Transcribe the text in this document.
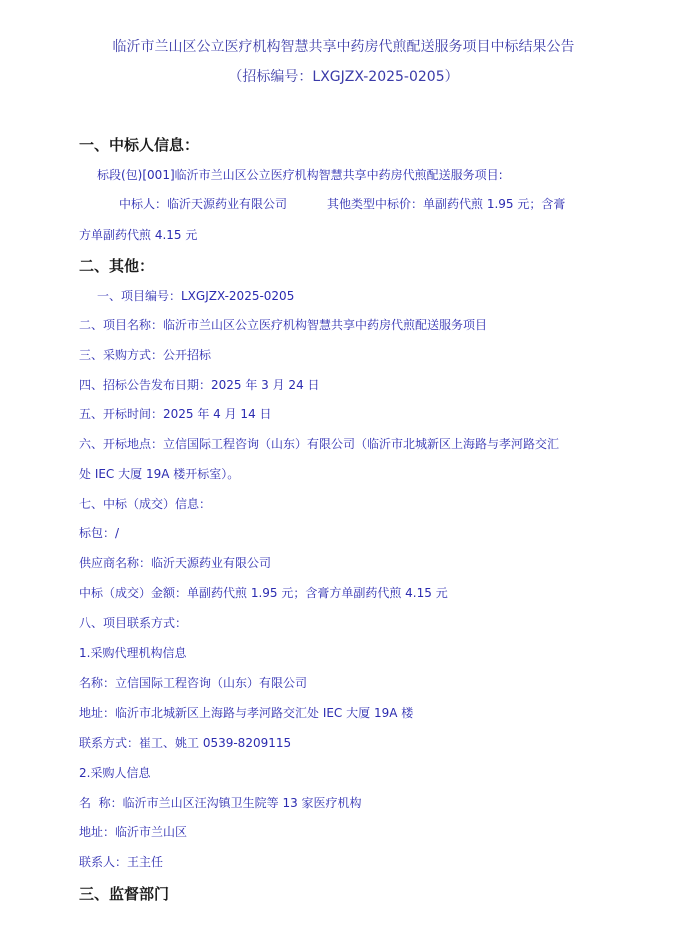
临沂市兰山区公立医疗机构智慧共享中药房代煎配送服务项目中标结果公告
（招标编号：LXGJZX-2025-0205）
一、中标人信息：
标段(包)[001]临沂市兰山区公立医疗机构智慧共享中药房代煎配送服务项目:
中标人：临沂天源药业有限公司	其他类型中标价：单副药代煎 1.95 元；含膏
方单副药代煎 4.15 元
二、其他：
一、项目编号：LXGJZX-2025-0205
二、项目名称：临沂市兰山区公立医疗机构智慧共享中药房代煎配送服务项目
三、采购方式：公开招标
四、招标公告发布日期：2025 年 3 月 24 日
五、开标时间：2025 年 4 月 14 日
六、开标地点：立信国际工程咨询（山东）有限公司（临沂市北城新区上海路与孝河路交汇
处 IEC 大厦 19A 楼开标室）。
七、中标（成交）信息：
标包：/
供应商名称：临沂天源药业有限公司
中标（成交）金额：单副药代煎 1.95 元；含膏方单副药代煎 4.15 元
八、项目联系方式：
1.采购代理机构信息
名称：立信国际工程咨询（山东）有限公司
地址：临沂市北城新区上海路与孝河路交汇处 IEC 大厦 19A 楼
联系方式：崔工、姚工 0539-8209115
2.采购人信息
名  称：临沂市兰山区汪沟镇卫生院等 13 家医疗机构
地址：临沂市兰山区
联系人：王主任
三、监督部门
